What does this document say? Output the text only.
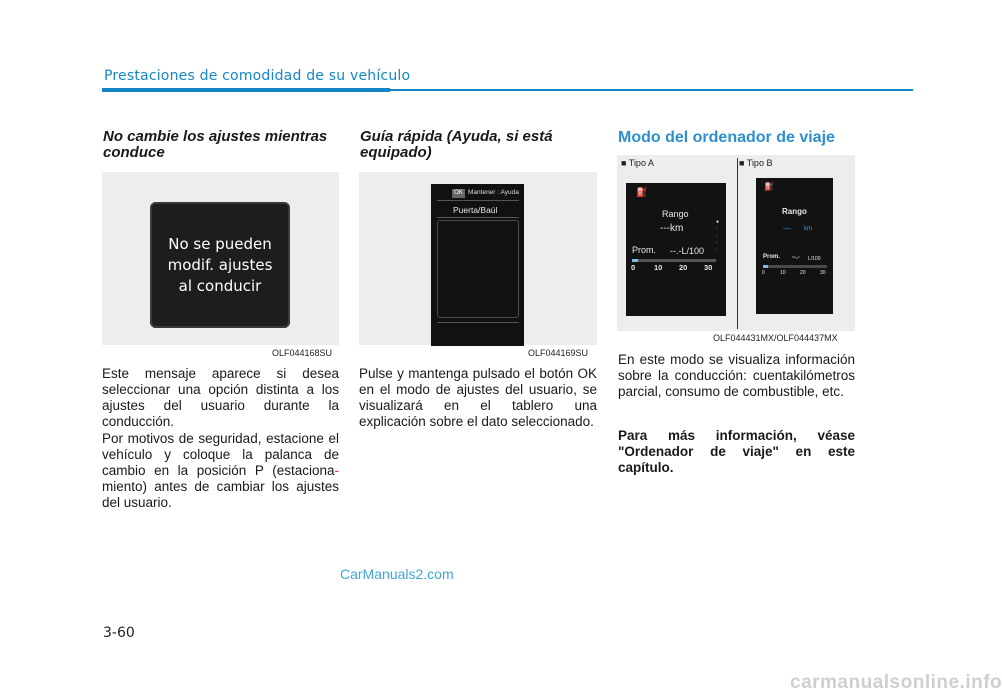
Prestaciones de comodidad de su vehículo
No cambie los ajustes mientras conduce
No se pueden
modif. ajustes
al conducir
OLF044168SU
Este mensaje aparece si desea seleccionar una opción distinta a los ajustes del usuario durante la conducción.
Por motivos de seguridad, estacione el vehículo y coloque la palanca de cambio en la posición P (estaciona- miento) antes de cambiar los ajustes del usuario.
Guía rápida (Ayuda, si está equipado)
OK Mantener : Ayuda
Puerta/Baúl
OLF044169SU
Pulse y mantenga pulsado el botón OK en el modo de ajustes del usuario, se visualizará en el tablero una explicación sobre el dato seleccionado.
Modo del ordenador de viaje
■ Tipo A	■ Tipo B
⛽
Rango
---km
Prom. --.-L/100
0	10 20 30
●
·
·
·
·
⛽
Rango
--- km
Prom. --.- L/100
0	10	20	30
OLF044431MX/OLF044437MX
En este modo se visualiza información sobre la conducción: cuentakilómetros parcial, consumo de combustible, etc.
Para más información, véase "Ordenador de viaje" en este capítulo.
CarManuals2.com
3-60
carmanualsonline.info
